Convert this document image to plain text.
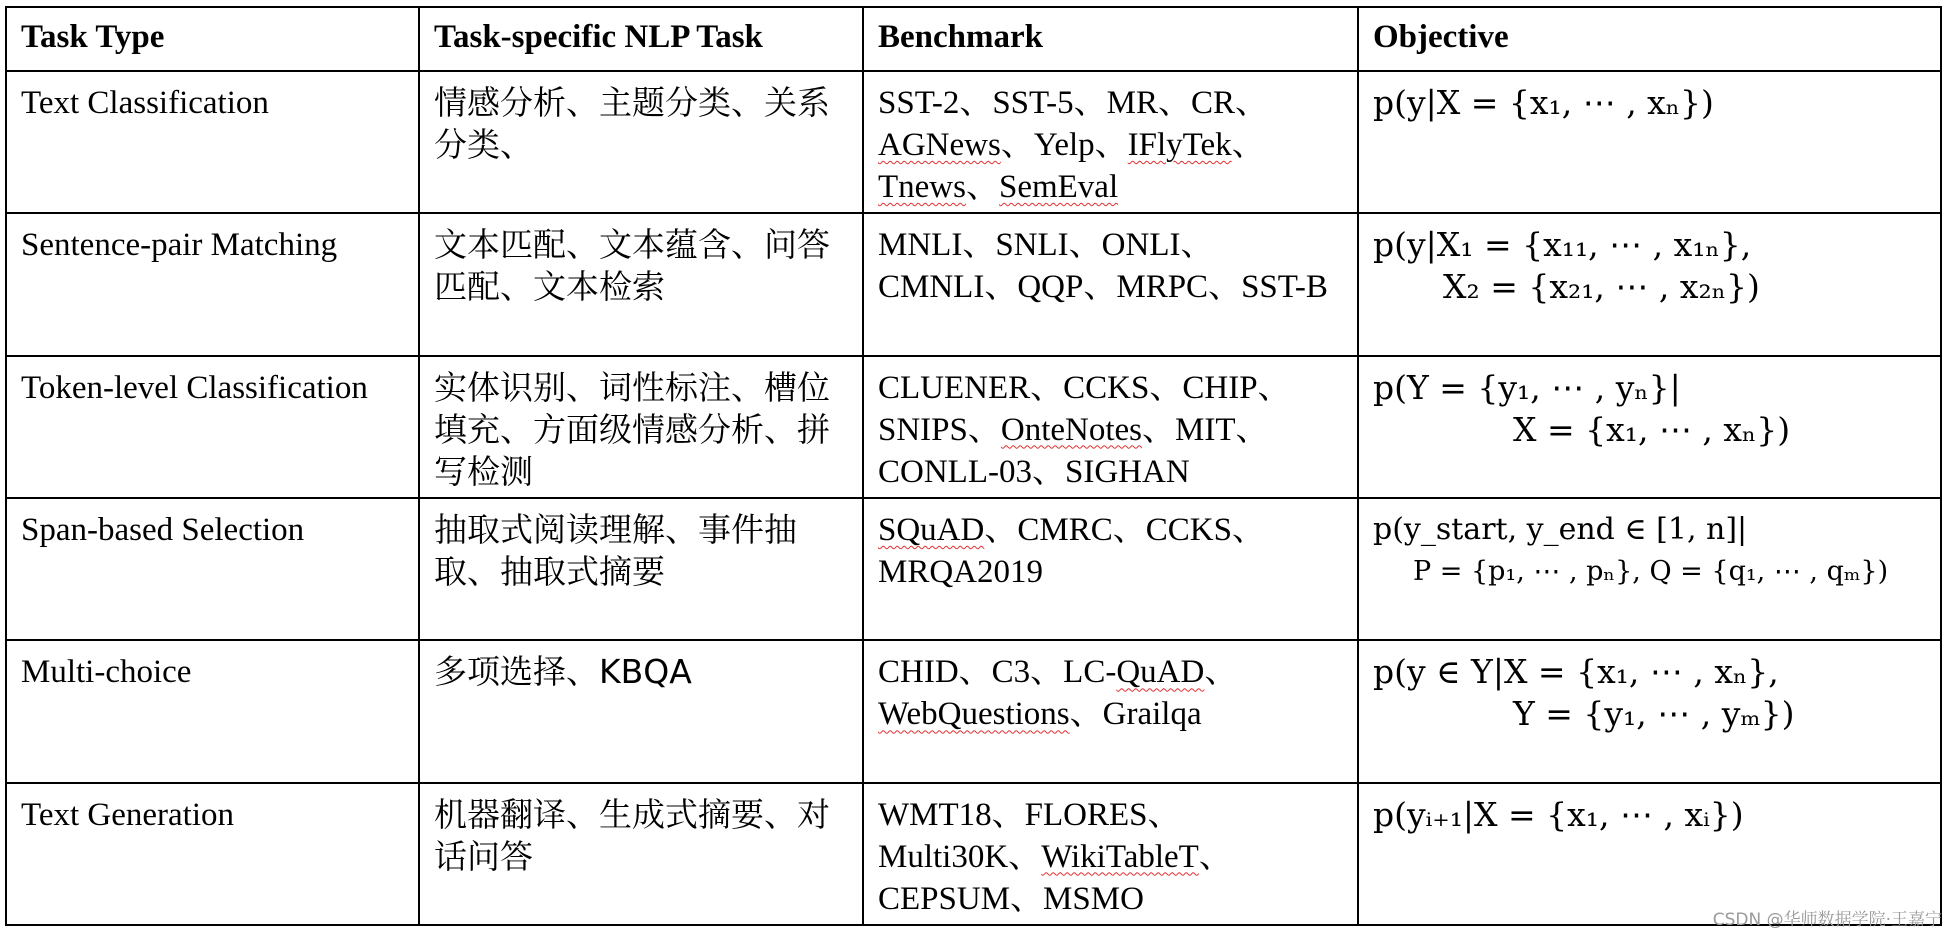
Task Type	Task-specific NLP Task	Benchmark	Objective
Text Classification	情感分析、主题分类、关系分类、	SST-2、SST-5、MR、CR、AGNews、Yelp、IFlyTek、Tnews、SemEval	p(y|X = {x₁, ⋯ , xₙ})

Sentence-pair Matching	文本匹配、文本蕴含、问答匹配、文本检索	MNLI、SNLI、ONLI、CMNLI、QQP、MRPC、SST-B	p(y|X₁ = {x₁₁, ⋯ , x₁ₙ},
X₂ = {x₂₁, ⋯ , x₂ₙ})

Token-level Classification	实体识别、词性标注、槽位填充、方面级情感分析、拼写检测	CLUENER、CCKS、CHIP、SNIPS、OnteNotes、MIT、CONLL-03、SIGHAN	p(Y = {y₁, ⋯ , yₙ}|
X = {x₁, ⋯ , xₙ})

Span-based Selection	抽取式阅读理解、事件抽取、抽取式摘要	SQuAD、CMRC、CCKS、MRQA2019	p(y_start, y_end ∈ [1, n]|
P = {p₁, ⋯ , pₙ}, Q = {q₁, ⋯ , qₘ})

Multi-choice	多项选择、KBQA	CHID、C3、LC-QuAD、WebQuestions、Grailqa	p(y ∈ Y|X = {x₁, ⋯ , xₙ},
Y = {y₁, ⋯ , yₘ})

Text Generation	机器翻译、生成式摘要、对话问答	WMT18、FLORES、Multi30K、WikiTableT、CEPSUM、MSMO	p(yᵢ₊₁|X = {x₁, ⋯ , xᵢ})
CSDN @华师数据学院·王嘉宁
